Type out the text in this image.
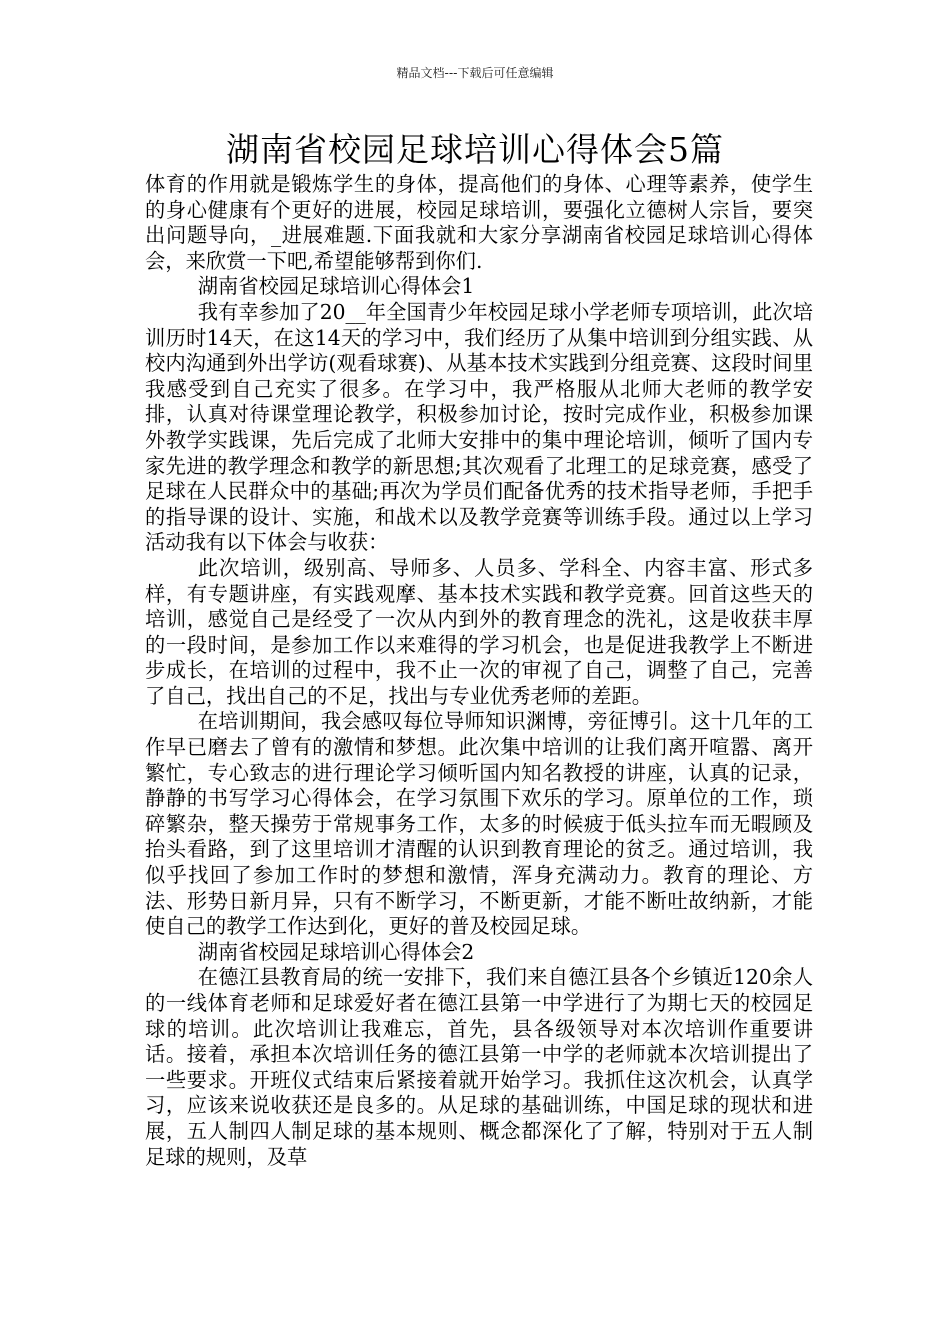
精品文档---下载后可任意编辑
湖南省校园足球培训心得体会5篇

体育的作用就是锻炼学生的身体，提高他们的身体、心理等素养，使学生的身心健康有个更好的进展，校园足球培训，要强化立德树人宗旨，要突出问题导向，_进展难题.下面我就和大家分享湖南省校园足球培训心得体会，来欣赏一下吧,希望能够帮到你们.

湖南省校园足球培训心得体会1

我有幸参加了20__年全国青少年校园足球小学老师专项培训，此次培训历时14天，在这14天的学习中，我们经历了从集中培训到分组实践、从校内沟通到外出学访(观看球赛)、从基本技术实践到分组竞赛、这段时间里我感受到自己充实了很多。在学习中，我严格服从北师大老师的教学安排，认真对待课堂理论教学，积极参加讨论，按时完成作业，积极参加课外教学实践课，先后完成了北师大安排中的集中理论培训，倾听了国内专家先进的教学理念和教学的新思想;其次观看了北理工的足球竞赛，感受了足球在人民群众中的基础;再次为学员们配备优秀的技术指导老师，手把手的指导课的设计、实施，和战术以及教学竞赛等训练手段。通过以上学习活动我有以下体会与收获：

此次培训，级别高、导师多、人员多、学科全、内容丰富、形式多样，有专题讲座，有实践观摩、基本技术实践和教学竞赛。回首这些天的培训，感觉自己是经受了一次从内到外的教育理念的洗礼，这是收获丰厚的一段时间，是参加工作以来难得的学习机会，也是促进我教学上不断进步成长，在培训的过程中，我不止一次的审视了自己，调整了自己，完善了自己，找出自己的不足，找出与专业优秀老师的差距。

在培训期间，我会感叹每位导师知识渊博，旁征博引。这十几年的工作早已磨去了曾有的激情和梦想。此次集中培训的让我们离开喧嚣、离开繁忙，专心致志的进行理论学习倾听国内知名教授的讲座，认真的记录，静静的书写学习心得体会，在学习氛围下欢乐的学习。原单位的工作，琐碎繁杂，整天操劳于常规事务工作，太多的时候疲于低头拉车而无暇顾及抬头看路，到了这里培训才清醒的认识到教育理论的贫乏。通过培训，我似乎找回了参加工作时的梦想和激情，浑身充满动力。教育的理论、方法、形势日新月异，只有不断学习，不断更新，才能不断吐故纳新，才能使自己的教学工作达到化，更好的普及校园足球。

湖南省校园足球培训心得体会2

在德江县教育局的统一安排下，我们来自德江县各个乡镇近120余人的一线体育老师和足球爱好者在德江县第一中学进行了为期七天的校园足球的培训。此次培训让我难忘，首先，县各级领导对本次培训作重要讲话。接着，承担本次培训任务的德江县第一中学的老师就本次培训提出了一些要求。开班仪式结束后紧接着就开始学习。我抓住这次机会，认真学习，应该来说收获还是良多的。从足球的基础训练，中国足球的现状和进展，五人制四人制足球的基本规则、概念都深化了了解，特别对于五人制足球的规则，及草
